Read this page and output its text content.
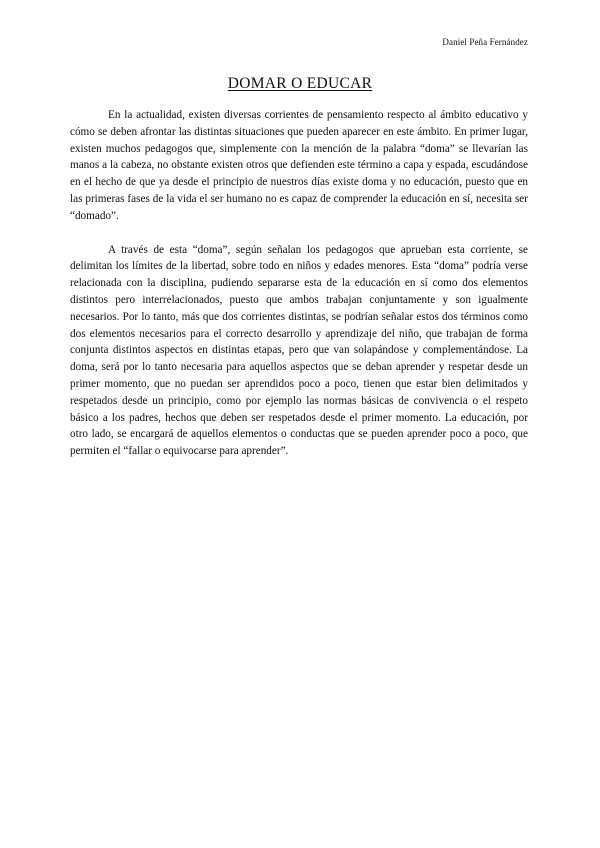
Daniel Peña Fernández
DOMAR O EDUCAR

En la actualidad, existen diversas corrientes de pensamiento respecto al ámbito educativo y cómo se deben afrontar las distintas situaciones que pueden aparecer en este ámbito. En primer lugar, existen muchos pedagogos que, simplemente con la mención de la palabra “doma” se llevarían las manos a la cabeza, no obstante existen otros que defienden este término a capa y espada, escudándose en el hecho de que ya desde el principio de nuestros días existe doma y no educación, puesto que en las primeras fases de la vida el ser humano no es capaz de comprender la educación en sí, necesita ser “domado”.

A través de esta “doma”, según señalan los pedagogos que aprueban esta corriente, se delimitan los límites de la libertad, sobre todo en niños y edades menores. Esta “doma” podría verse relacionada con la disciplina, pudiendo separarse esta de la educación en sí como dos elementos distintos pero interrelacionados, puesto que ambos trabajan conjuntamente y son igualmente necesarios. Por lo tanto, más que dos corrientes distintas, se podrían señalar estos dos términos como dos elementos necesarios para el correcto desarrollo y aprendizaje del niño, que trabajan de forma conjunta distintos aspectos en distintas etapas, pero que van solapándose y complementándose. La doma, será por lo tanto necesaria para aquellos aspectos que se deban aprender y respetar desde un primer momento, que no puedan ser aprendidos poco a poco, tienen que estar bien delimitados y respetados desde un principio, como por ejemplo las normas básicas de convivencia o el respeto básico a los padres, hechos que deben ser respetados desde el primer momento. La educación, por otro lado, se encargará de aquellos elementos o conductas que se pueden aprender poco a poco, que permiten el “fallar o equivocarse para aprender”.
